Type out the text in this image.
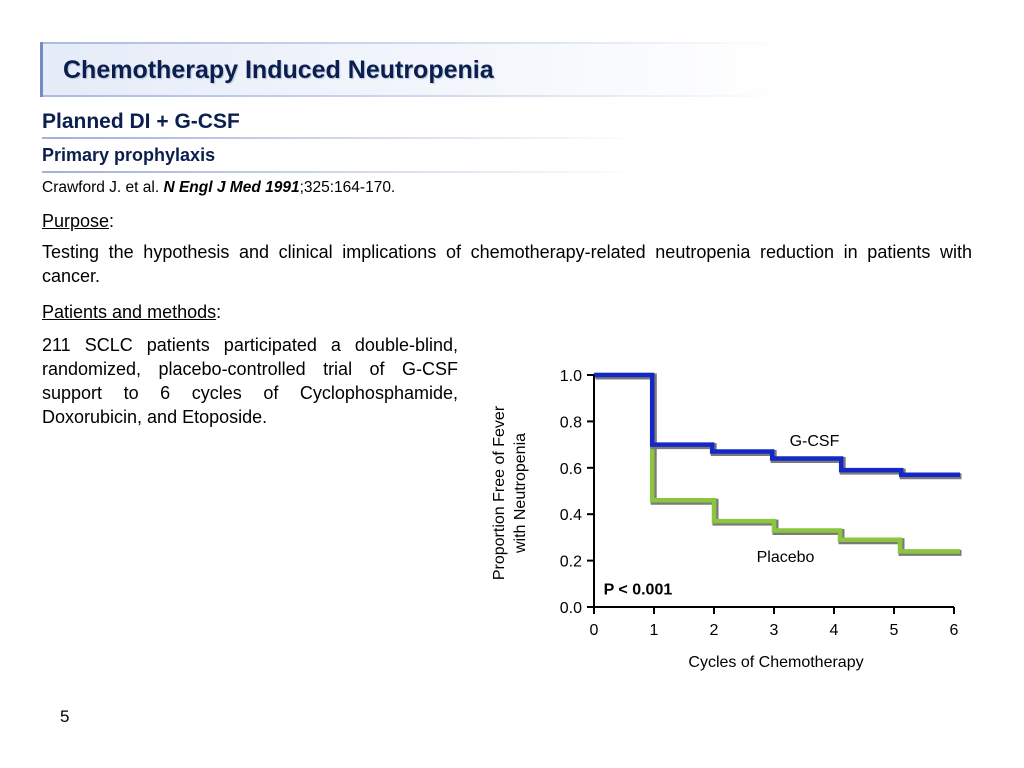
Chemotherapy Induced Neutropenia
Planned DI + G-CSF
Primary prophylaxis

Crawford J. et al. N Engl J Med 1991;325:164-170.

Purpose:

Testing the hypothesis and clinical implications of chemotherapy-related neutropenia reduction in patients with cancer.

Patients and methods:

211 SCLC patients participated a double-blind, randomized, placebo-controlled trial of G-CSF support to 6 cycles of Cyclophosphamide, Doxorubicin, and Etoposide.

0.0
0.2
0.4
0.6
0.8
1.0
0	1	2	3	4	5	6
Cycles of Chemotherapy
Proportion Free of Fever with Neutropenia	G-CSF
Placebo
P < 0.001

5
